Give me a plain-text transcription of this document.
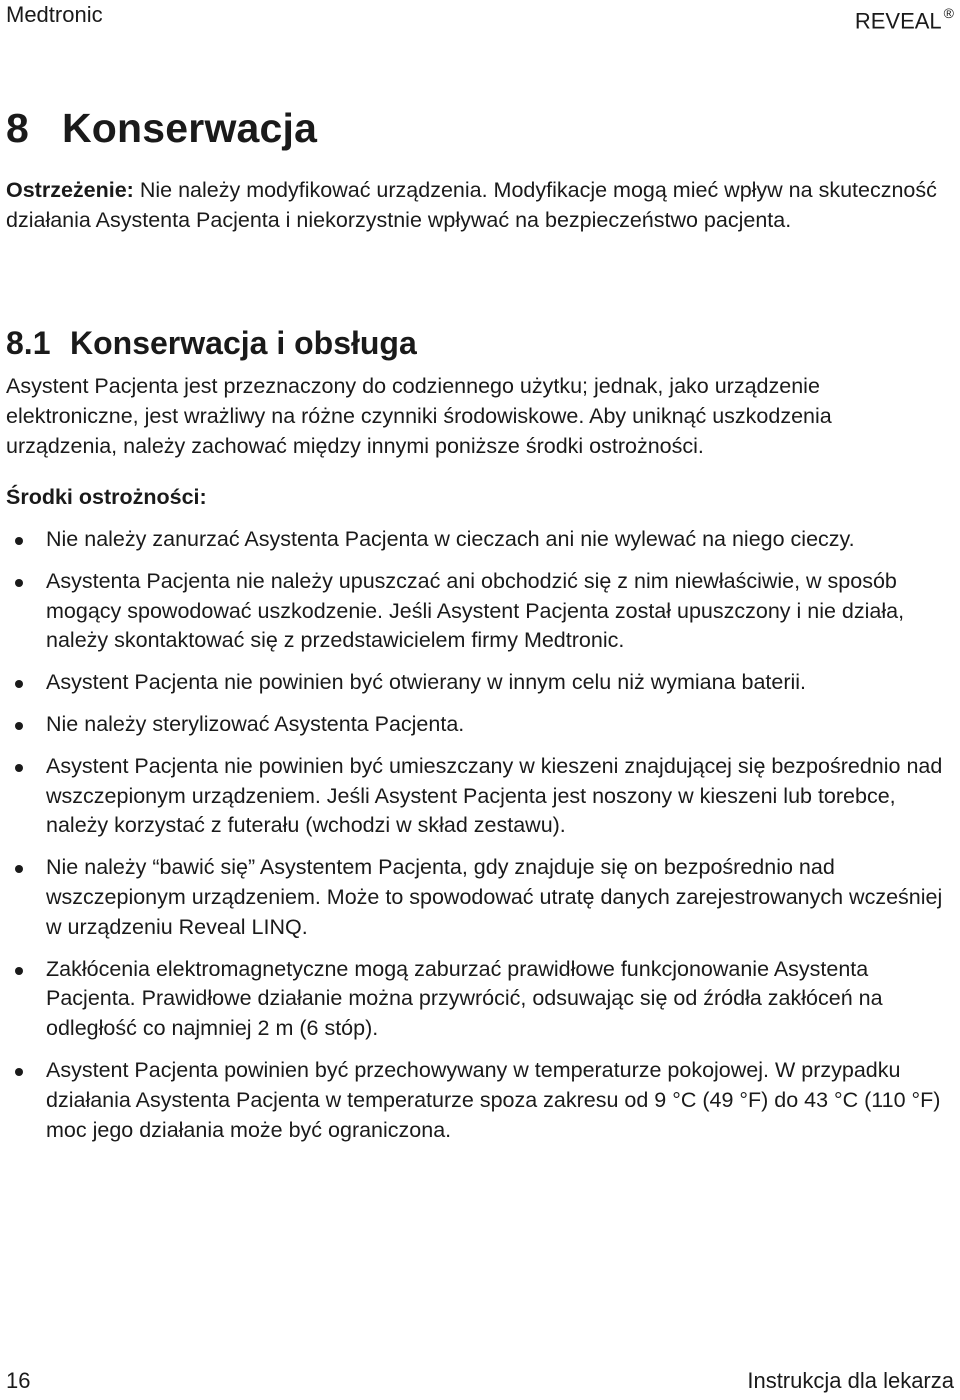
Medtronic	REVEAL ®
8 Konserwacja

Ostrzeżenie: Nie należy modyfikować urządzenia. Modyfikacje mogą mieć wpływ na skuteczność działania Asystenta Pacjenta i niekorzystnie wpływać na bezpieczeństwo pacjenta.

8.1 Konserwacja i obsługa

Asystent Pacjenta jest przeznaczony do codziennego użytku; jednak, jako urządzenie elektroniczne, jest wrażliwy na różne czynniki środowiskowe. Aby uniknąć uszkodzenia urządzenia, należy zachować między innymi poniższe środki ostrożności.

Środki ostrożności:

Nie należy zanurzać Asystenta Pacjenta w cieczach ani nie wylewać na niego cieczy.
Asystenta Pacjenta nie należy upuszczać ani obchodzić się z nim niewłaściwie, w sposób mogący spowodować uszkodzenie. Jeśli Asystent Pacjenta został upuszczony i nie działa, należy skontaktować się z przedstawicielem firmy Medtronic.
Asystent Pacjenta nie powinien być otwierany w innym celu niż wymiana baterii.
Nie należy sterylizować Asystenta Pacjenta.
Asystent Pacjenta nie powinien być umieszczany w kieszeni znajdującej się bezpośrednio nad wszczepionym urządzeniem. Jeśli Asystent Pacjenta jest noszony w kieszeni lub torebce, należy korzystać z futerału (wchodzi w skład zestawu).
Nie należy “bawić się” Asystentem Pacjenta, gdy znajduje się on bezpośrednio nad wszczepionym urządzeniem. Może to spowodować utratę danych zarejestrowanych wcześniej w urządzeniu Reveal LINQ.
Zakłócenia elektromagnetyczne mogą zaburzać prawidłowe funkcjonowanie Asystenta Pacjenta. Prawidłowe działanie można przywrócić, odsuwając się od źródła zakłóceń na odległość co najmniej 2 m (6 stóp).
Asystent Pacjenta powinien być przechowywany w temperaturze pokojowej. W przypadku działania Asystenta Pacjenta w temperaturze spoza zakresu od 9 °C (49 °F) do 43 °C (110 °F) moc jego działania może być ograniczona.
16	Instrukcja dla lekarza
